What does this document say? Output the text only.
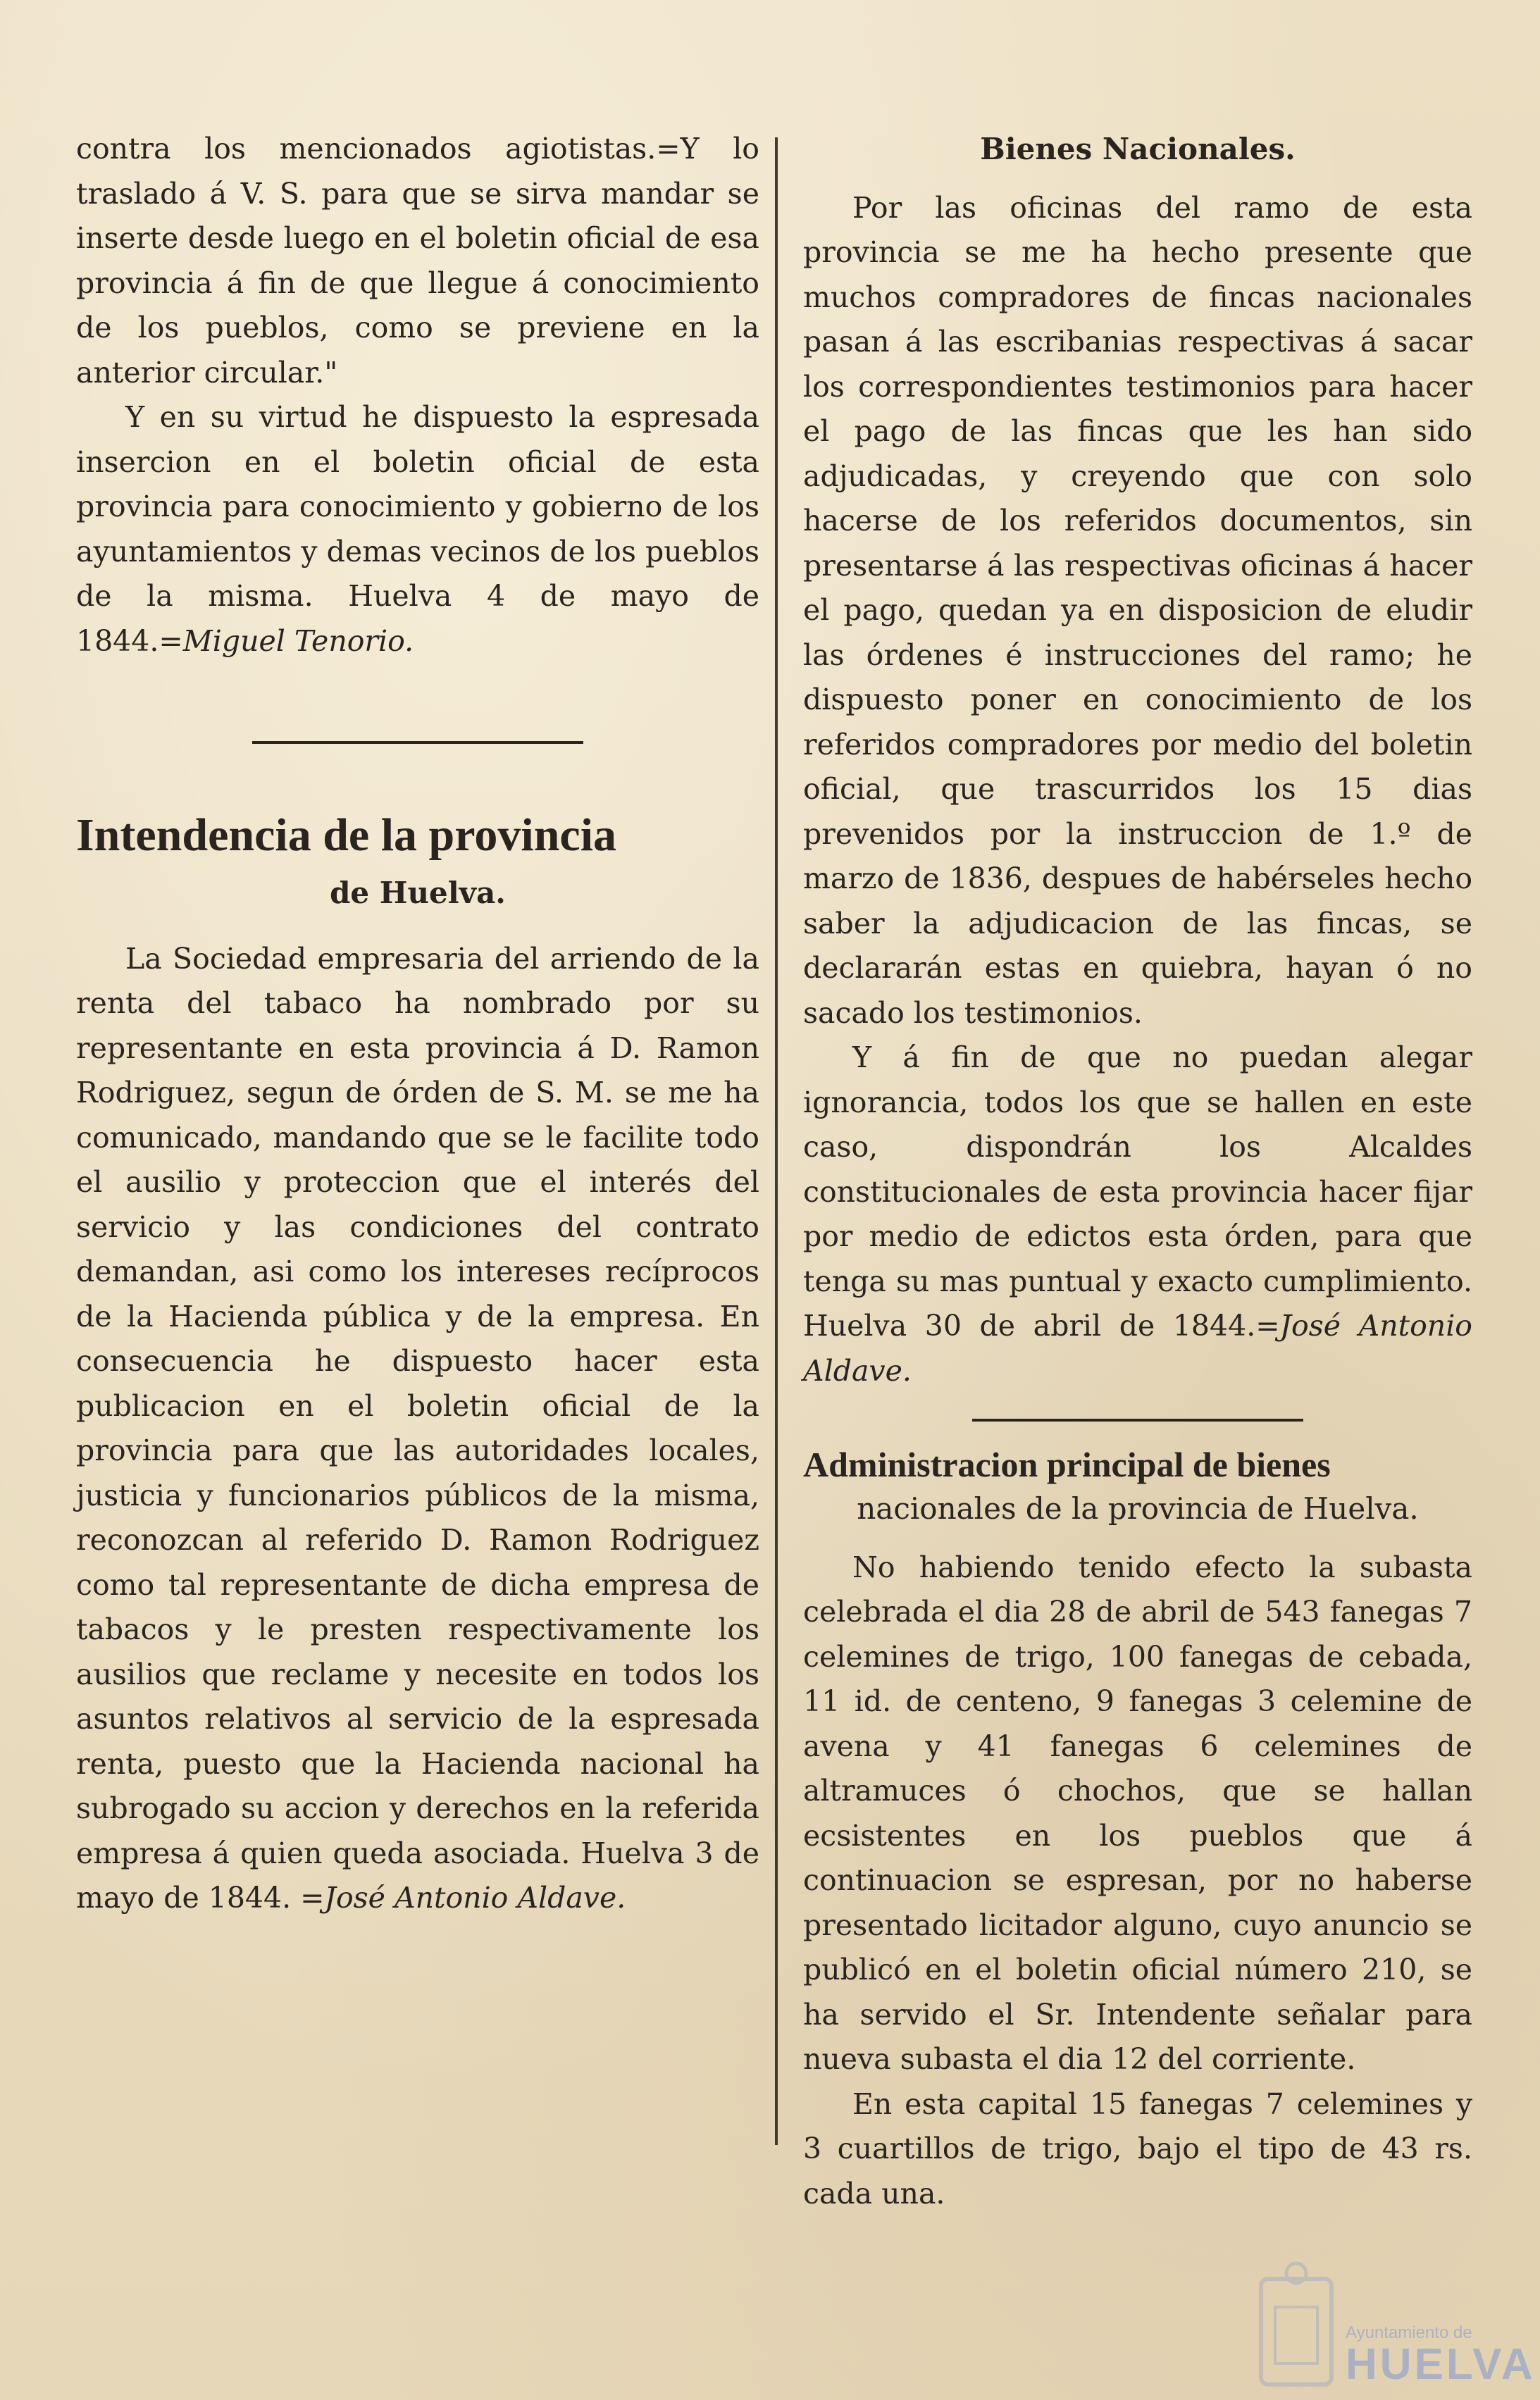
contra los mencionados agiotistas.=Y lo traslado á V. S. para que se sirva mandar se inserte desde luego en el boletin oficial de esa provincia á fin de que llegue á conocimiento de los pueblos, como se previene en la anterior circular."

Y en su virtud he dispuesto la espresada insercion en el boletin oficial de esta provincia para conocimiento y gobierno de los ayuntamientos y demas vecinos de los pueblos de la misma. Huelva 4 de mayo de 1844.=Miguel Tenorio.

Intendencia de la provincia
de Huelva.

La Sociedad empresaria del arriendo de la renta del tabaco ha nombrado por su representante en esta provincia á D. Ramon Rodriguez, segun de órden de S. M. se me ha comunicado, mandando que se le facilite todo el ausilio y proteccion que el interés del servicio y las condiciones del contrato demandan, asi como los intereses recíprocos de la Hacienda pública y de la empresa. En consecuencia he dispuesto hacer esta publicacion en el boletin oficial de la provincia para que las autoridades locales, justicia y funcionarios públicos de la misma, reconozcan al referido D. Ramon Rodriguez como tal representante de dicha empresa de tabacos y le presten respectivamente los ausilios que reclame y necesite en todos los asuntos relativos al servicio de la espresada renta, puesto que la Hacienda nacional ha subrogado su accion y derechos en la referida empresa á quien queda asociada. Huelva 3 de mayo de 1844. =José Antonio Aldave.

Bienes Nacionales.

Por las oficinas del ramo de esta provincia se me ha hecho presente que muchos compradores de fincas nacionales pasan á las escribanias respectivas á sacar los correspondientes testimonios para hacer el pago de las fincas que les han sido adjudicadas, y creyendo que con solo hacerse de los referidos documentos, sin presentarse á las respectivas oficinas á hacer el pago, quedan ya en disposicion de eludir las órdenes é instrucciones del ramo; he dispuesto poner en conocimiento de los referidos compradores por medio del boletin oficial, que trascurridos los 15 dias prevenidos por la instruccion de 1.º de marzo de 1836, despues de habérseles hecho saber la adjudicacion de las fincas, se declararán estas en quiebra, hayan ó no sacado los testimonios.

Y á fin de que no puedan alegar ignorancia, todos los que se hallen en este caso, dispondrán los Alcaldes constitucionales de esta provincia hacer fijar por medio de edictos esta órden, para que tenga su mas puntual y exacto cumplimiento. Huelva 30 de abril de 1844.=José Antonio Aldave.

Administracion principal de bienes
nacionales de la provincia de Huelva.

No habiendo tenido efecto la subasta celebrada el dia 28 de abril de 543 fanegas 7 celemines de trigo, 100 fanegas de cebada, 11 id. de centeno, 9 fanegas 3 celemine de avena y 41 fanegas 6 celemines de altramuces ó chochos, que se hallan ecsistentes en los pueblos que á continuacion se espresan, por no haberse presentado licitador alguno, cuyo anuncio se publicó en el boletin oficial número 210, se ha servido el Sr. Intendente señalar para nueva subasta el dia 12 del corriente.

En esta capital 15 fanegas 7 celemines y 3 cuartillos de trigo, bajo el tipo de 43 rs. cada una.

Ayuntamiento de
HUELVA
